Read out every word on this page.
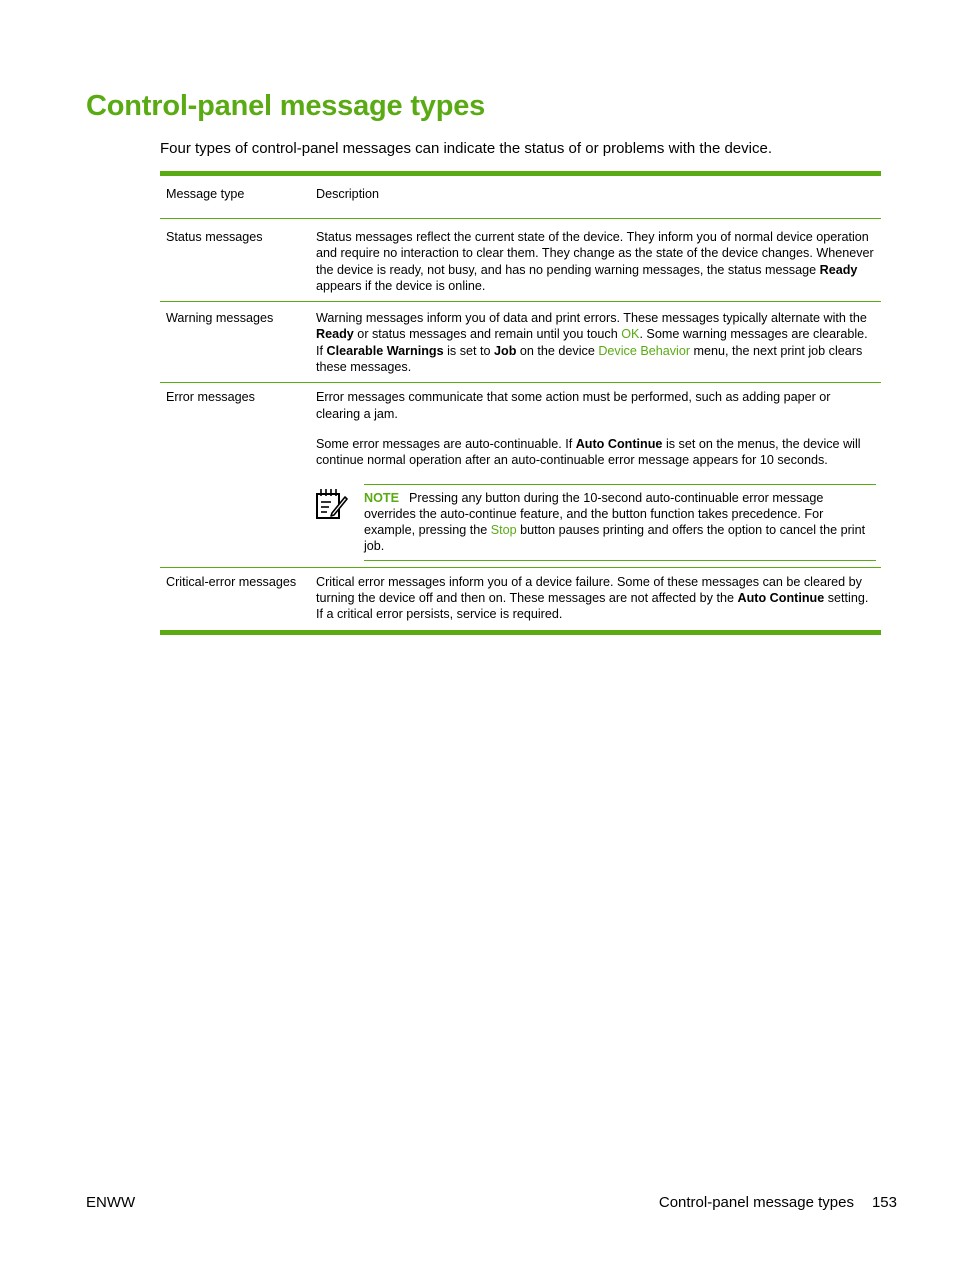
Control-panel message types

Four types of control-panel messages can indicate the status of or problems with the device.

Message type	Description
Status messages	Status messages reflect the current state of the device. They inform you of normal device operation and require no interaction to clear them. They change as the state of the device changes. Whenever the device is ready, not busy, and has no pending warning messages, the status message Ready appears if the device is online.

Warning messages	Warning messages inform you of data and print errors. These messages typically alternate with the Ready or status messages and remain until you touch OK. Some warning messages are clearable. If Clearable Warnings is set to Job on the device Device Behavior menu, the next print job clears these messages.

Error messages	Error messages communicate that some action must be performed, such as adding paper or clearing a jam.

Some error messages are auto-continuable. If Auto Continue is set on the menus, the device will continue normal operation after an auto-continuable error message appears for 10 seconds.

NOTE Pressing any button during the 10-second auto-continuable error message overrides the auto-continue feature, and the button function takes precedence. For example, pressing the Stop button pauses printing and offers the option to cancel the print job.

Critical-error messages	Critical error messages inform you of a device failure. Some of these messages can be cleared by turning the device off and then on. These messages are not affected by the Auto Continue setting. If a critical error persists, service is required.

ENWW	Control-panel message types 153
